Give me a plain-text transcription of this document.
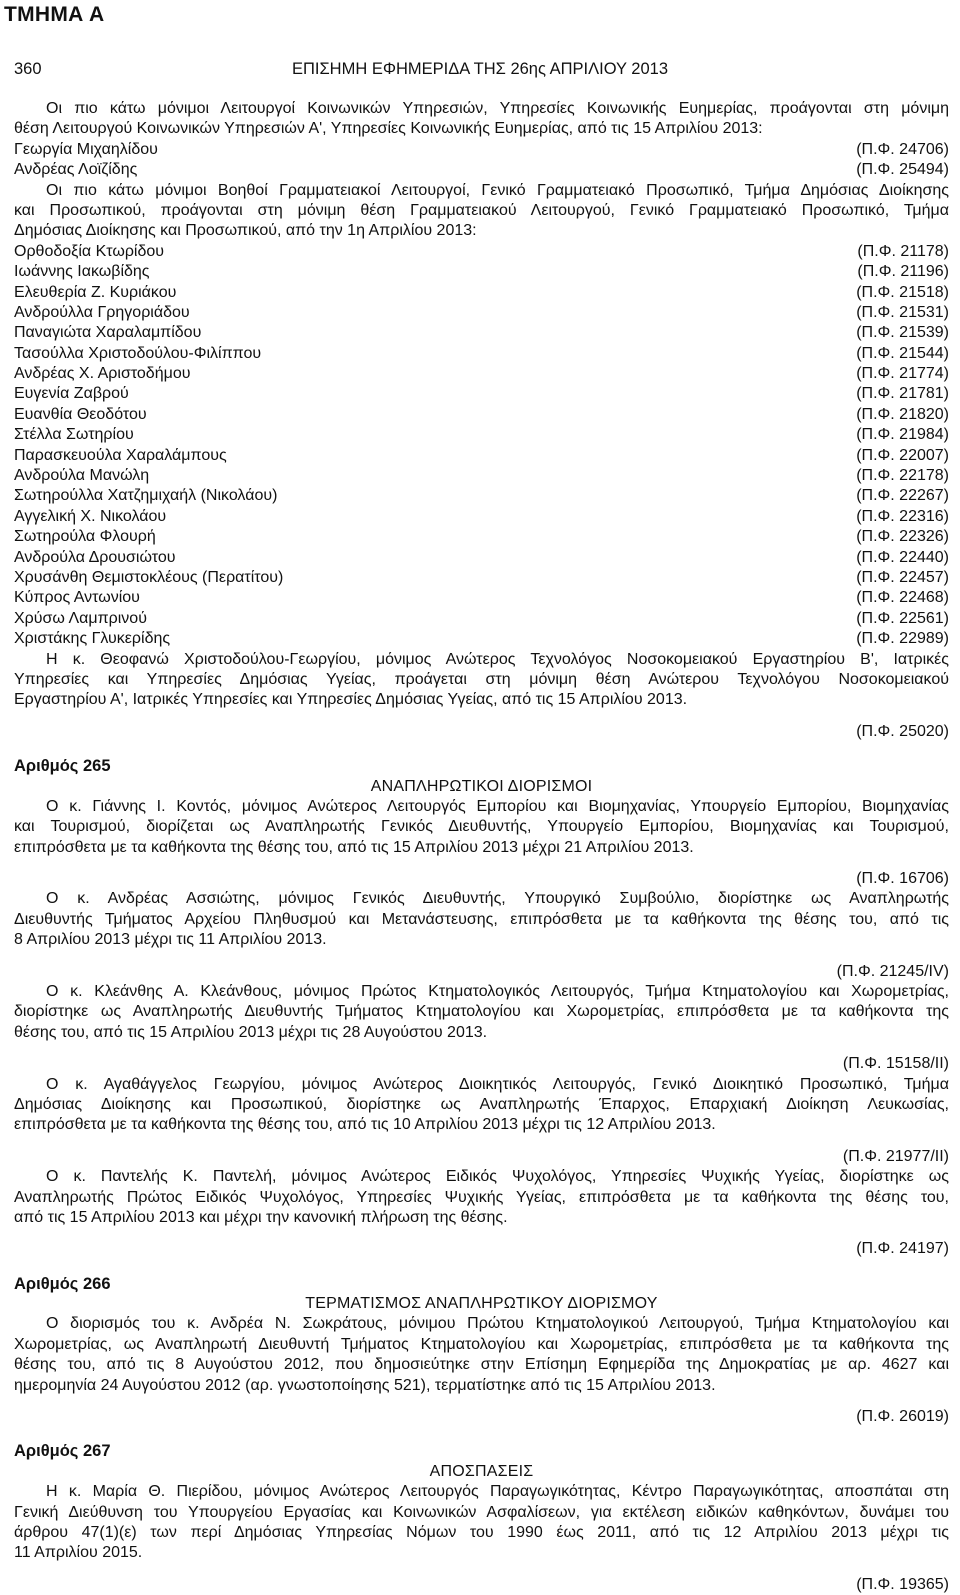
ΤΜΗΜΑ Α
360	ΕΠΙΣΗΜΗ ΕΦΗΜΕΡΙΔΑ ΤΗΣ 26ης ΑΠΡΙΛΙΟΥ 2013
Οι πιο κάτω μόνιμοι Λειτουργοί Κοινωνικών Υπηρεσιών, Υπηρεσίες Κοινωνικής Ευημερίας, προάγονται στη μόνιμη
θέση Λειτουργού Κοινωνικών Υπηρεσιών Α', Υπηρεσίες Κοινωνικής Ευημερίας, από τις 15 Απριλίου 2013:
Γεωργία Μιχαηλίδου	(Π.Φ. 24706)
Ανδρέας Λοϊζίδης	(Π.Φ. 25494)
Οι πιο κάτω μόνιμοι Βοηθοί Γραμματειακοί Λειτουργοί, Γενικό Γραμματειακό Προσωπικό, Τμήμα Δημόσιας Διοίκησης
και Προσωπικού, προάγονται στη μόνιμη θέση Γραμματειακού Λειτουργού, Γενικό Γραμματειακό Προσωπικό, Τμήμα
Δημόσιας Διοίκησης και Προσωπικού, από την 1η Απριλίου 2013:
Ορθοδοξία Κτωρίδου	(Π.Φ. 21178)
Ιωάννης Ιακωβίδης	(Π.Φ. 21196)
Ελευθερία Ζ. Κυριάκου	(Π.Φ. 21518)
Ανδρούλλα Γρηγοριάδου	(Π.Φ. 21531)
Παναγιώτα Χαραλαμπίδου	(Π.Φ. 21539)
Τασούλλα Χριστοδούλου-Φιλίππου	(Π.Φ. 21544)
Ανδρέας Χ. Αριστοδήμου	(Π.Φ. 21774)
Ευγενία Ζαβρού	(Π.Φ. 21781)
Ευανθία Θεοδότου	(Π.Φ. 21820)
Στέλλα Σωτηρίου	(Π.Φ. 21984)
Παρασκευούλα Χαραλάμπους	(Π.Φ. 22007)
Ανδρούλα Μανώλη	(Π.Φ. 22178)
Σωτηρούλλα Χατζημιχαήλ (Νικολάου)	(Π.Φ. 22267)
Αγγελική Χ. Νικολάου	(Π.Φ. 22316)
Σωτηρούλα Φλουρή	(Π.Φ. 22326)
Ανδρούλα Δρουσιώτου	(Π.Φ. 22440)
Χρυσάνθη Θεμιστοκλέους (Περατίτου)	(Π.Φ. 22457)
Κύπρος Αντωνίου	(Π.Φ. 22468)
Χρύσω Λαμπρινού	(Π.Φ. 22561)
Χριστάκης Γλυκερίδης	(Π.Φ. 22989)
Η κ. Θεοφανώ Χριστοδούλου-Γεωργίου, μόνιμος Ανώτερος Τεχνολόγος Νοσοκομειακού Εργαστηρίου Β', Ιατρικές
Υπηρεσίες και Υπηρεσίες Δημόσιας Υγείας, προάγεται στη μόνιμη θέση Ανώτερου Τεχνολόγου Νοσοκομειακού
Εργαστηρίου Α', Ιατρικές Υπηρεσίες και Υπηρεσίες Δημόσιας Υγείας, από τις 15 Απριλίου 2013.
(Π.Φ. 25020)
Αριθμός 265
ΑΝΑΠΛΗΡΩΤΙΚΟΙ ΔΙΟΡΙΣΜΟΙ
Ο κ. Γιάννης Ι. Κοντός, μόνιμος Ανώτερος Λειτουργός Εμπορίου και Βιομηχανίας, Υπουργείο Εμπορίου, Βιομηχανίας
και Τουρισμού, διορίζεται ως Αναπληρωτής Γενικός Διευθυντής, Υπουργείο Εμπορίου, Βιομηχανίας και Τουρισμού,
επιπρόσθετα με τα καθήκοντα της θέσης του, από τις 15 Απριλίου 2013 μέχρι 21 Απριλίου 2013.
(Π.Φ. 16706)
Ο κ. Ανδρέας Ασσιώτης, μόνιμος Γενικός Διευθυντής, Υπουργικό Συμβούλιο, διορίστηκε ως Αναπληρωτής
Διευθυντής Τμήματος Αρχείου Πληθυσμού και Μετανάστευσης, επιπρόσθετα με τα καθήκοντα της θέσης του, από τις
8 Απριλίου 2013 μέχρι τις 11 Απριλίου 2013.
(Π.Φ. 21245/IV)
Ο κ. Κλεάνθης Α. Κλεάνθους, μόνιμος Πρώτος Κτηματολογικός Λειτουργός, Τμήμα Κτηματολογίου και Χωρομετρίας,
διορίστηκε ως Αναπληρωτής Διευθυντής Τμήματος Κτηματολογίου και Χωρομετρίας, επιπρόσθετα με τα καθήκοντα της
θέσης του, από τις 15 Απριλίου 2013 μέχρι τις 28 Αυγούστου 2013.
(Π.Φ. 15158/II)
Ο κ. Αγαθάγγελος Γεωργίου, μόνιμος Ανώτερος Διοικητικός Λειτουργός, Γενικό Διοικητικό Προσωπικό, Τμήμα
Δημόσιας Διοίκησης και Προσωπικού, διορίστηκε ως Αναπληρωτής Έπαρχος, Επαρχιακή Διοίκηση Λευκωσίας,
επιπρόσθετα με τα καθήκοντα της θέσης του, από τις 10 Απριλίου 2013 μέχρι τις 12 Απριλίου 2013.
(Π.Φ. 21977/II)
Ο κ. Παντελής Κ. Παντελή, μόνιμος Ανώτερος Ειδικός Ψυχολόγος, Υπηρεσίες Ψυχικής Υγείας, διορίστηκε ως
Αναπληρωτής Πρώτος Ειδικός Ψυχολόγος, Υπηρεσίες Ψυχικής Υγείας, επιπρόσθετα με τα καθήκοντα της θέσης του,
από τις 15 Απριλίου 2013 και μέχρι την κανονική πλήρωση της θέσης.
(Π.Φ. 24197)
Αριθμός 266
ΤΕΡΜΑΤΙΣΜΟΣ ΑΝΑΠΛΗΡΩΤΙΚΟΥ ΔΙΟΡΙΣΜΟΥ
Ο διορισμός του κ. Ανδρέα Ν. Σωκράτους, μόνιμου Πρώτου Κτηματολογικού Λειτουργού, Τμήμα Κτηματολογίου και
Χωρομετρίας, ως Αναπληρωτή Διευθυντή Τμήματος Κτηματολογίου και Χωρομετρίας, επιπρόσθετα με τα καθήκοντα της
θέσης του, από τις 8 Αυγούστου 2012, που δημοσιεύτηκε στην Επίσημη Εφημερίδα της Δημοκρατίας με αρ. 4627 και
ημερομηνία 24 Αυγούστου 2012 (αρ. γνωστοποίησης 521), τερματίστηκε από τις 15 Απριλίου 2013.
(Π.Φ. 26019)
Αριθμός 267
ΑΠΟΣΠΑΣΕΙΣ
Η κ. Μαρία Θ. Πιερίδου, μόνιμος Ανώτερος Λειτουργός Παραγωγικότητας, Κέντρο Παραγωγικότητας, αποσπάται στη
Γενική Διεύθυνση του Υπουργείου Εργασίας και Κοινωνικών Ασφαλίσεων, για εκτέλεση ειδικών καθηκόντων, δυνάμει του
άρθρου 47(1)(ε) των περί Δημόσιας Υπηρεσίας Νόμων του 1990 έως 2011, από τις 12 Απριλίου 2013 μέχρι τις
11 Απριλίου 2015.
(Π.Φ. 19365)
